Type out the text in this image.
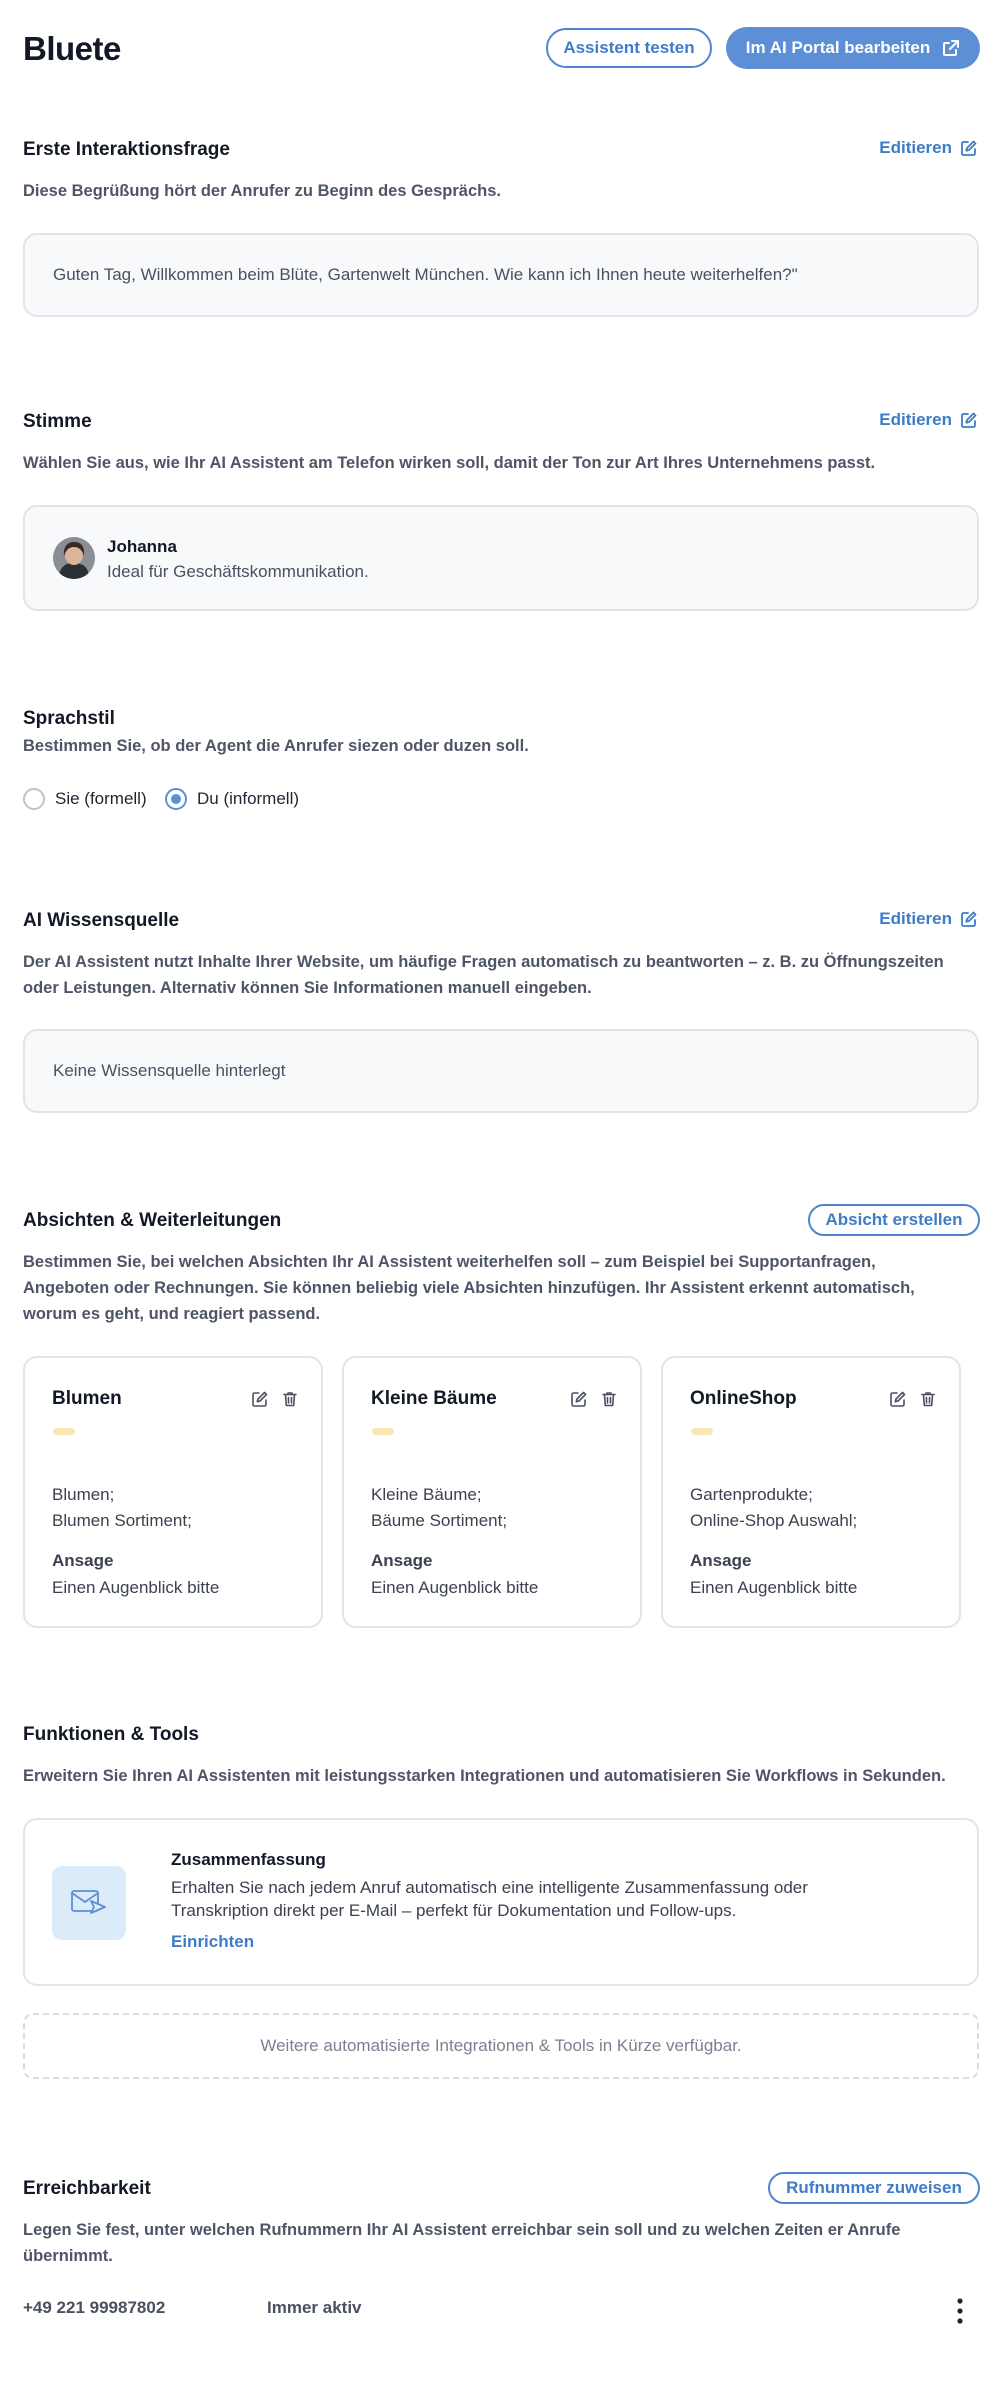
Bluete	Assistent testen	Im AI Portal bearbeiten
Erste Interaktionsfrage	Editieren
Diese Begrüßung hört der Anrufer zu Beginn des Gesprächs.
Guten Tag, Willkommen beim Blüte, Gartenwelt München. Wie kann ich Ihnen heute weiterhelfen?"
Stimme	Editieren
Wählen Sie aus, wie Ihr AI Assistent am Telefon wirken soll, damit der Ton zur Art Ihres Unternehmens passt.
Johanna
Ideal für Geschäftskommunikation.
Sprachstil
Bestimmen Sie, ob der Agent die Anrufer siezen oder duzen soll.
Sie (formell)	Du (informell)
AI Wissensquelle	Editieren
Der AI Assistent nutzt Inhalte Ihrer Website, um häufige Fragen automatisch zu beantworten – z. B. zu Öffnungszeiten
oder Leistungen. Alternativ können Sie Informationen manuell eingeben.
Keine Wissensquelle hinterlegt
Absichten & Weiterleitungen	Absicht erstellen
Bestimmen Sie, bei welchen Absichten Ihr AI Assistent weiterhelfen soll – zum Beispiel bei Supportanfragen,
Angeboten oder Rechnungen. Sie können beliebig viele Absichten hinzufügen. Ihr Assistent erkennt automatisch,
worum es geht, und reagiert passend.
Blumen
Blumen;
Blumen Sortiment;
Ansage
Einen Augenblick bitte
Kleine Bäume
Kleine Bäume;
Bäume Sortiment;
Ansage
Einen Augenblick bitte
OnlineShop
Gartenprodukte;
Online-Shop Auswahl;
Ansage
Einen Augenblick bitte
Funktionen & Tools
Erweitern Sie Ihren AI Assistenten mit leistungsstarken Integrationen und automatisieren Sie Workflows in Sekunden.
Zusammenfassung
Erhalten Sie nach jedem Anruf automatisch eine intelligente Zusammenfassung oder
Transkription direkt per E-Mail – perfekt für Dokumentation und Follow-ups.
Einrichten
Weitere automatisierte Integrationen & Tools in Kürze verfügbar.
Erreichbarkeit	Rufnummer zuweisen
Legen Sie fest, unter welchen Rufnummern Ihr AI Assistent erreichbar sein soll und zu welchen Zeiten er Anrufe
übernimmt.
+49 221 99987802	Immer aktiv
